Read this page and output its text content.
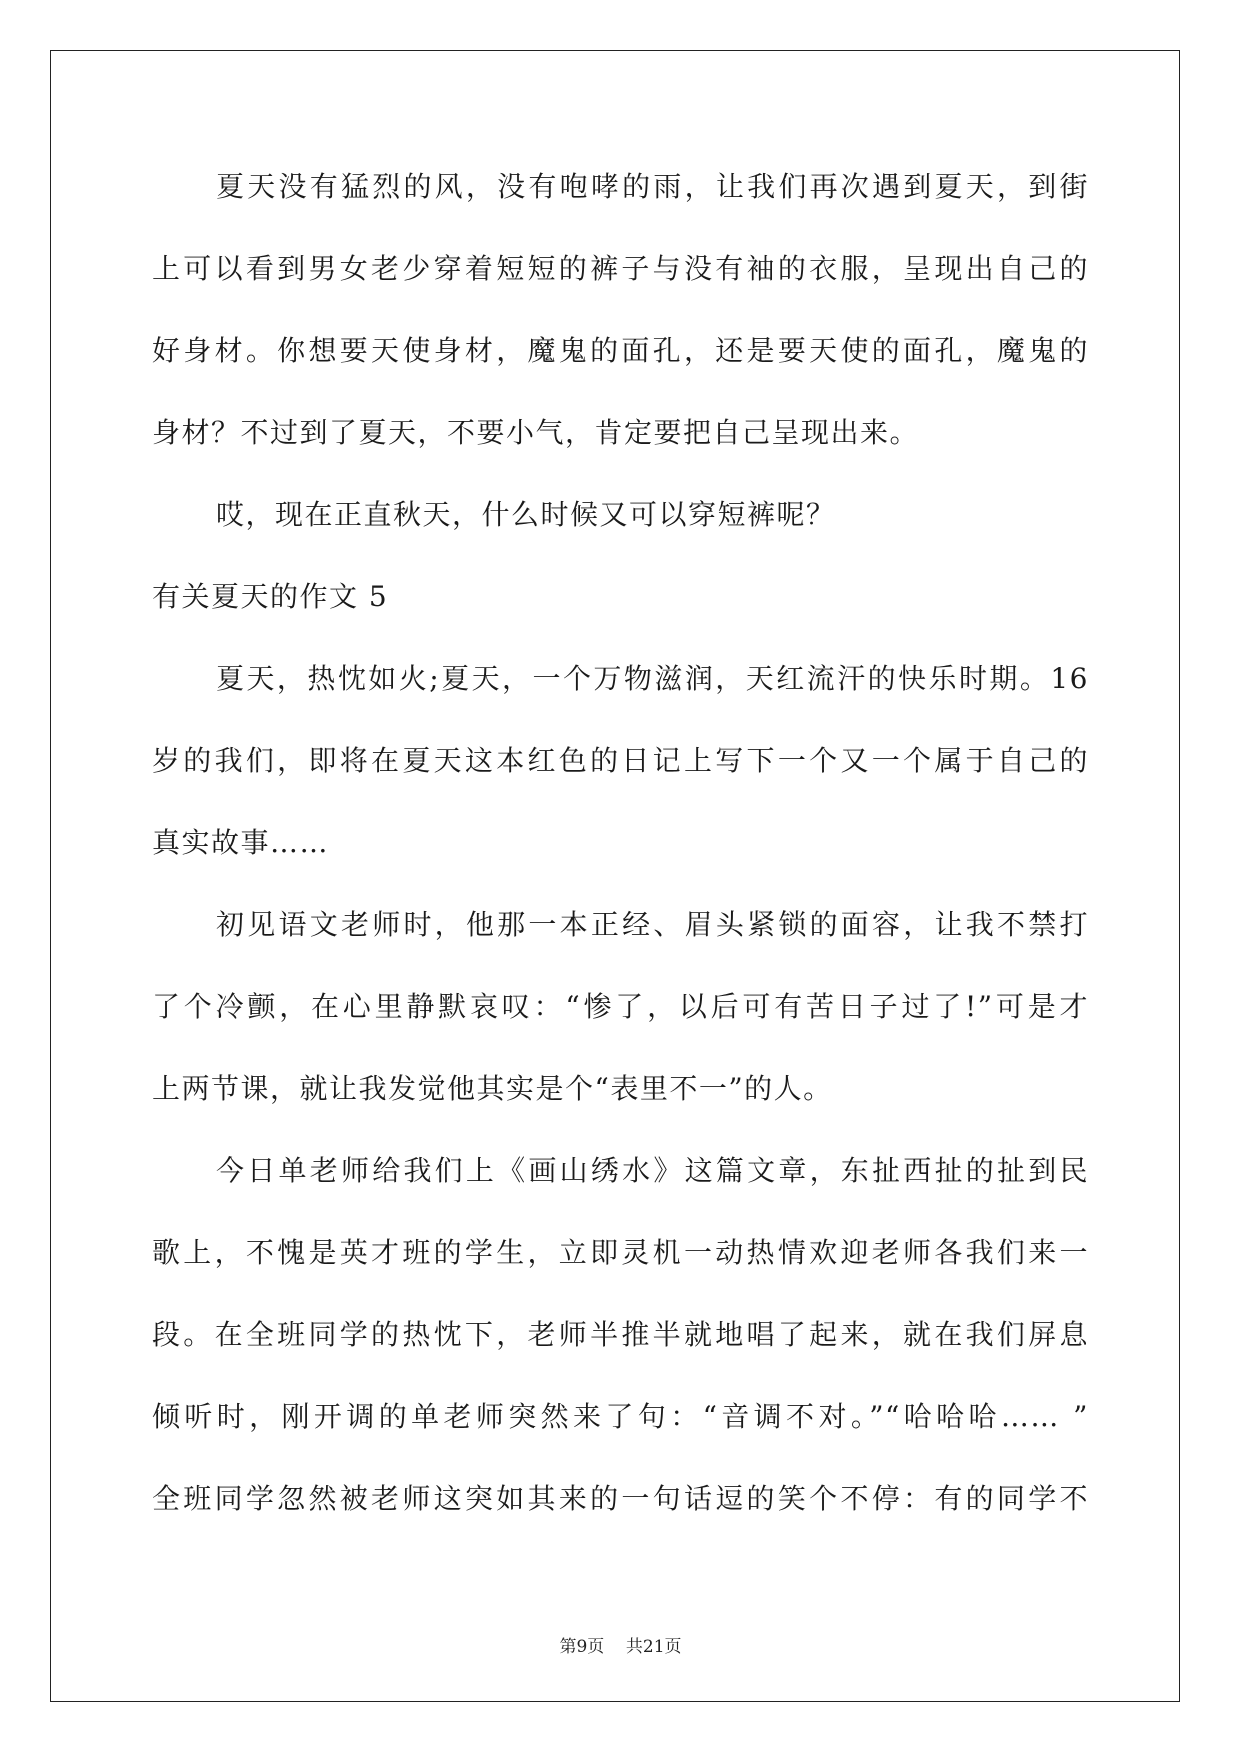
夏天没有猛烈的风，没有咆哮的雨，让我们再次遇到夏天，到街
上可以看到男女老少穿着短短的裤子与没有袖的衣服，呈现出自己的
好身材。你想要天使身材，魔鬼的面孔，还是要天使的面孔，魔鬼的
身材？不过到了夏天，不要小气，肯定要把自己呈现出来。
哎，现在正直秋天，什么时候又可以穿短裤呢？
有关夏天的作文 5
夏天，热忱如火;夏天，一个万物滋润，天红流汗的快乐时期。16
岁的我们，即将在夏天这本红色的日记上写下一个又一个属于自己的
真实故事……
初见语文老师时，他那一本正经、眉头紧锁的面容，让我不禁打
了个冷颤，在心里静默哀叹：“惨了，以后可有苦日子过了!”可是才
上两节课，就让我发觉他其实是个“表里不一”的人。
今日单老师给我们上《画山绣水》这篇文章，东扯西扯的扯到民
歌上，不愧是英才班的学生，立即灵机一动热情欢迎老师各我们来一
段。在全班同学的热忱下，老师半推半就地唱了起来，就在我们屏息
倾听时，刚开调的单老师突然来了句：“音调不对。”“哈哈哈…… ”
全班同学忽然被老师这突如其来的一句话逗的笑个不停：有的同学不
第9页 共21页
